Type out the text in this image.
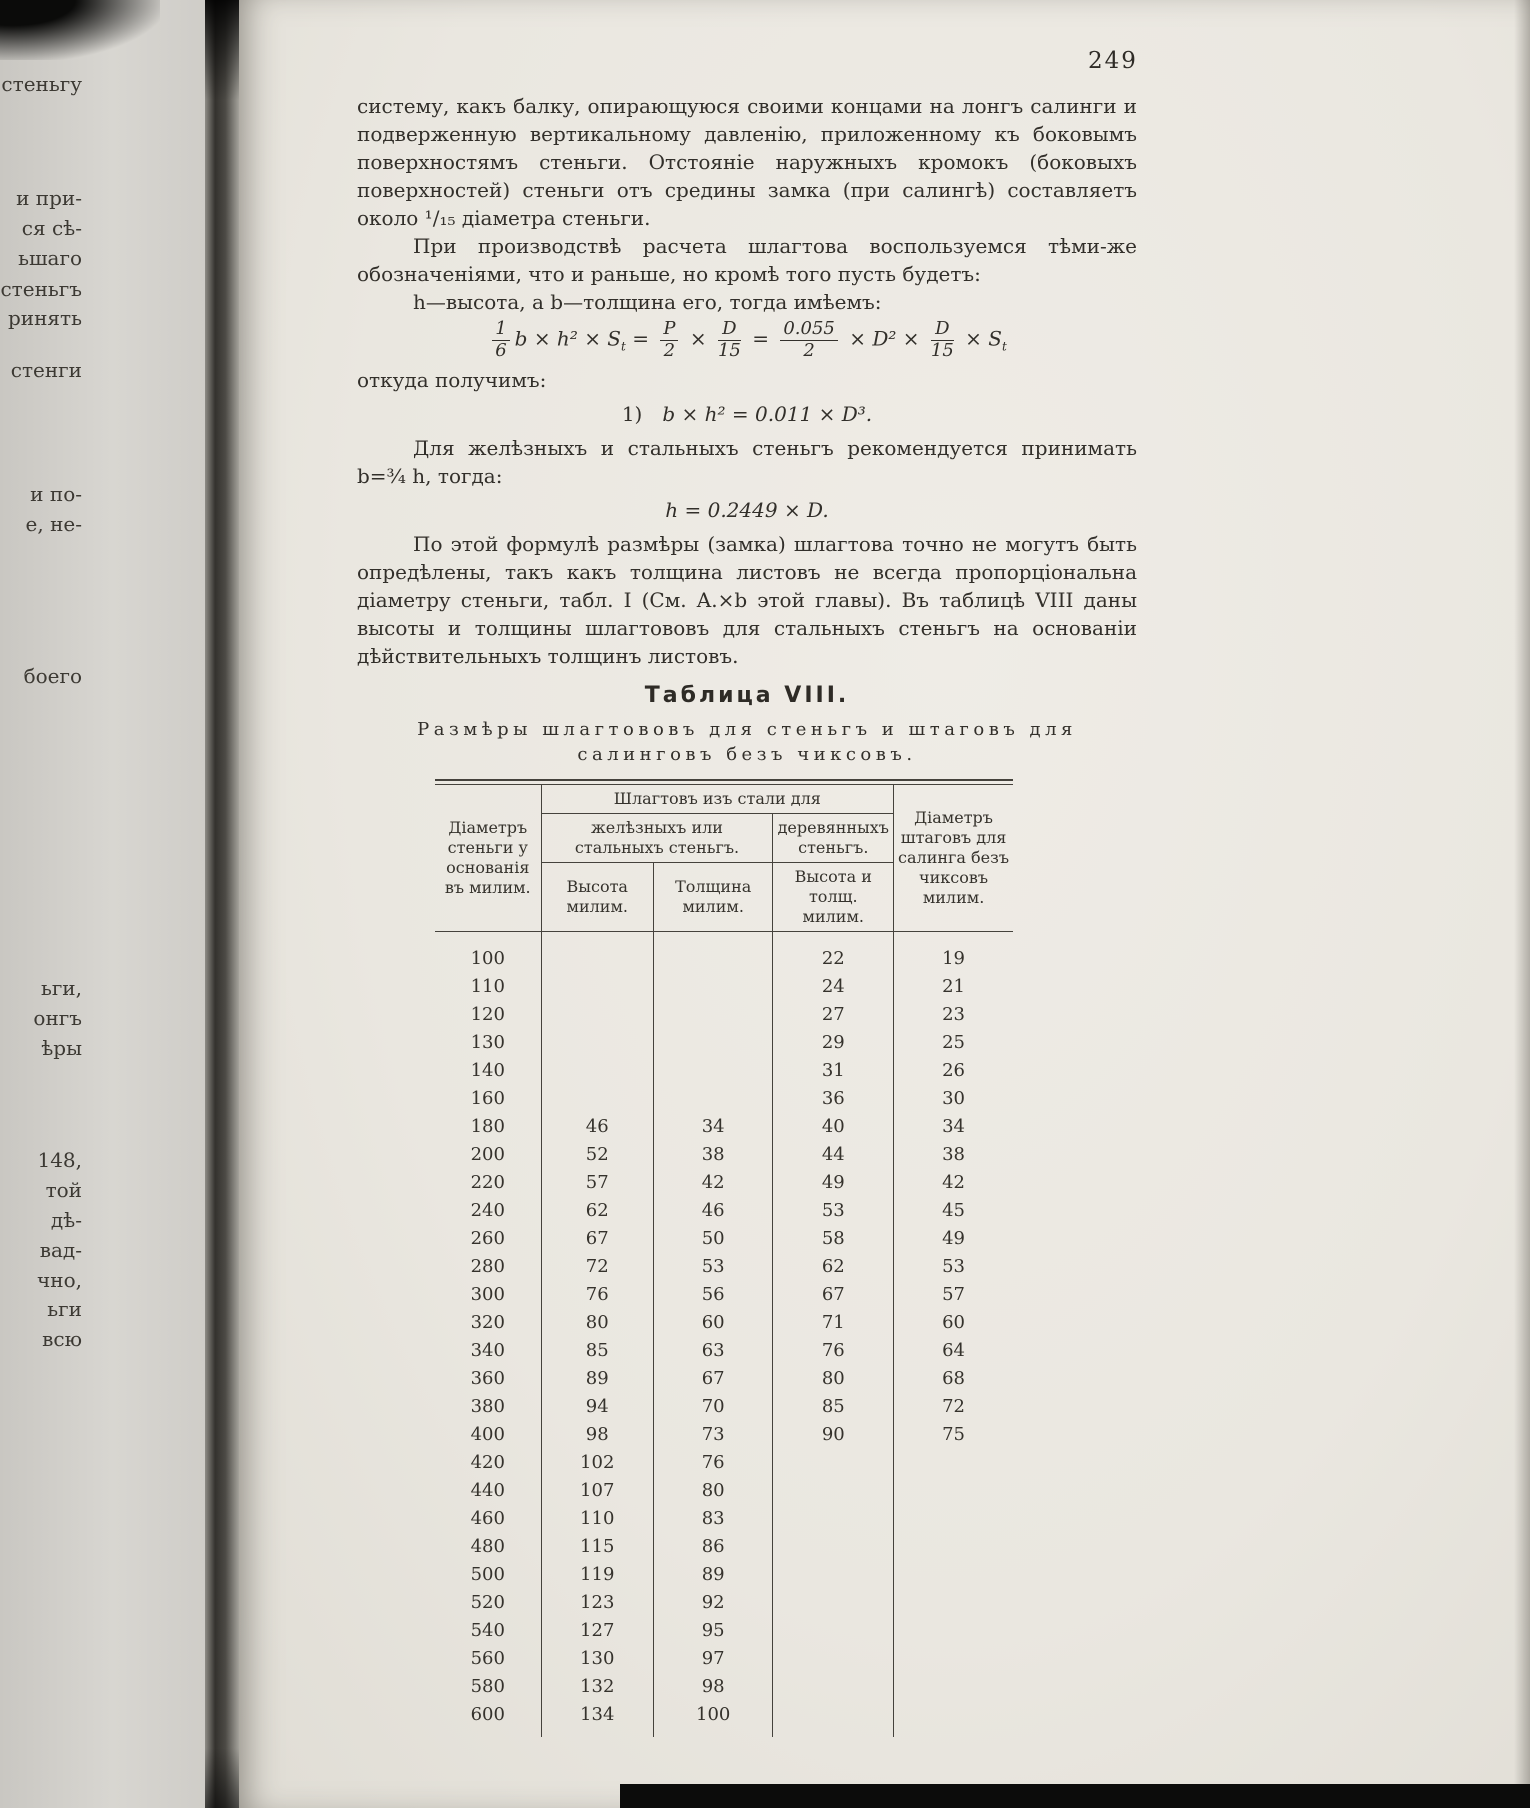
стеньгу
и при-
ся сѣ-
ьшаго
стеньгъ
ринять
стенги
и по-
е, не-
боего
ьги,
онгъ
ѣры
148,
той
дѣ-
вад-
чно,
ьги
всю
249

систему, какъ балку, опирающуюся своими концами на лонгъ салинги и подверженную вертикальному давленію, приложенному къ боковымъ поверхностямъ стеньги. Отстояніе наружныхъ кромокъ (боковыхъ поверхностей) стеньги отъ средины замка (при салингѣ) составляетъ около ¹/₁₅ діаметра стеньги.

При производствѣ расчета шлагтова воспользуемся тѣми-же обозначеніями, что и раньше, но кромѣ того пусть будетъ:

h—высота, а b—толщина его, тогда имѣемъ:

$\frac{1}{6}$ $b \times h^2 \times S_t = \frac{P}{2} \times \frac{D}{15} = \frac{0.055}{2} \times D^2 \times \frac{D}{15} \times S_t$

откуда получимъ:

1) b × h² = 0.011 × D³.

Для желѣзныхъ и стальныхъ стеньгъ рекомендуется принимать b=¾ h, тогда:

h = 0.2449 × D.

По этой формулѣ размѣры (замка) шлагтова точно не могутъ быть опредѣлены, такъ какъ толщина листовъ не всегда пропорціональна діаметру стеньги, табл. I (См. A.×b этой главы). Въ таблицѣ VIII даны высоты и толщины шлагтововъ для стальныхъ стеньгъ на основаніи дѣйствительныхъ толщинъ листовъ.

Таблица VIII.
Размѣры шлагтововъ для стеньгъ и штаговъ для
салинговъ безъ чиксовъ.
Діаметръ стеньги у основанія въ милим.	Шлагтовъ изъ стали для			Діаметръ штаговъ для салинга безъ чиксовъ милим.
	желѣзныхъ или стальныхъ стеньгъ.		деревянныхъ стеньгъ.	
	Высота милим.	Толщина милим.	Высота и толщ. милим.	
100			22	19
110			24	21
120			27	23
130			29	25
140			31	26
160			36	30
180	46	34	40	34
200	52	38	44	38
220	57	42	49	42
240	62	46	53	45
260	67	50	58	49
280	72	53	62	53
300	76	56	67	57
320	80	60	71	60
340	85	63	76	64
360	89	67	80	68
380	94	70	85	72
400	98	73	90	75
420	102	76		
440	107	80		
460	110	83		
480	115	86		
500	119	89		
520	123	92		
540	127	95		
560	130	97		
580	132	98		
600	134	100		
